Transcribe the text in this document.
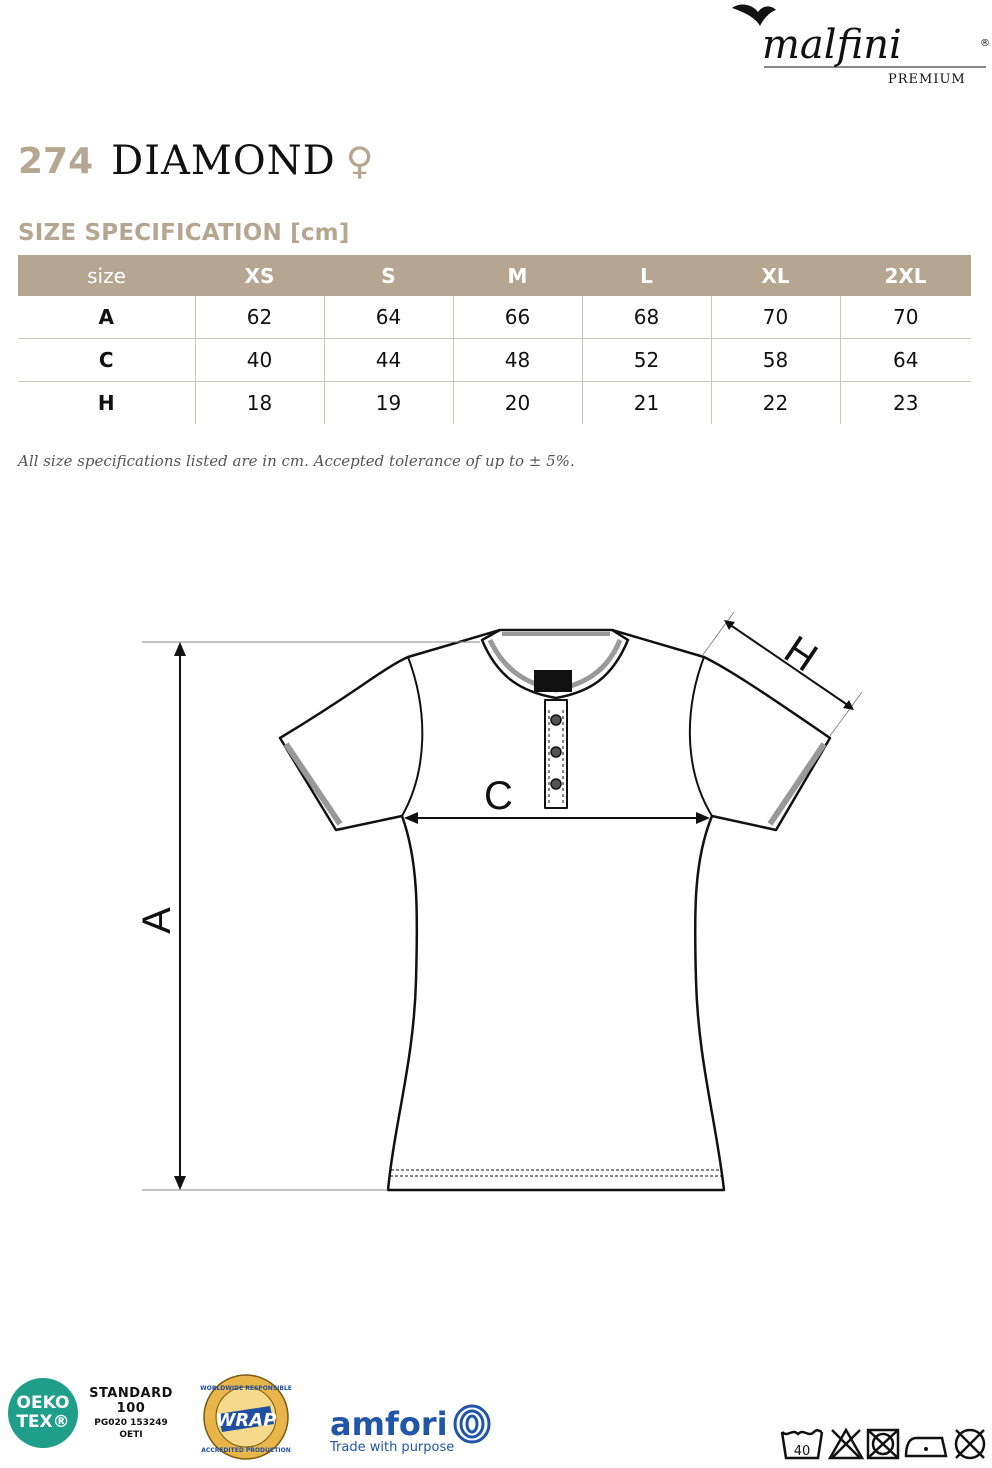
malfini	®
PREMIUM
274 DIAMOND ♀
SIZE SPECIFICATION [cm]
size	XS	S	M	L	XL	2XL
A	62	64	66	68	70	70
C	40	44	48	52	58	64
H	18	19	20	21	22	23
All size specifications listed are in cm. Accepted tolerance of up to ± 5%.
A
C
H
OEKO
TEX®
STANDARD
100
PG020 153249
OETI
WRAP
WORLDWIDE RESPONSIBLE
ACCREDITED PRODUCTION
amfori
Trade with purpose	40
